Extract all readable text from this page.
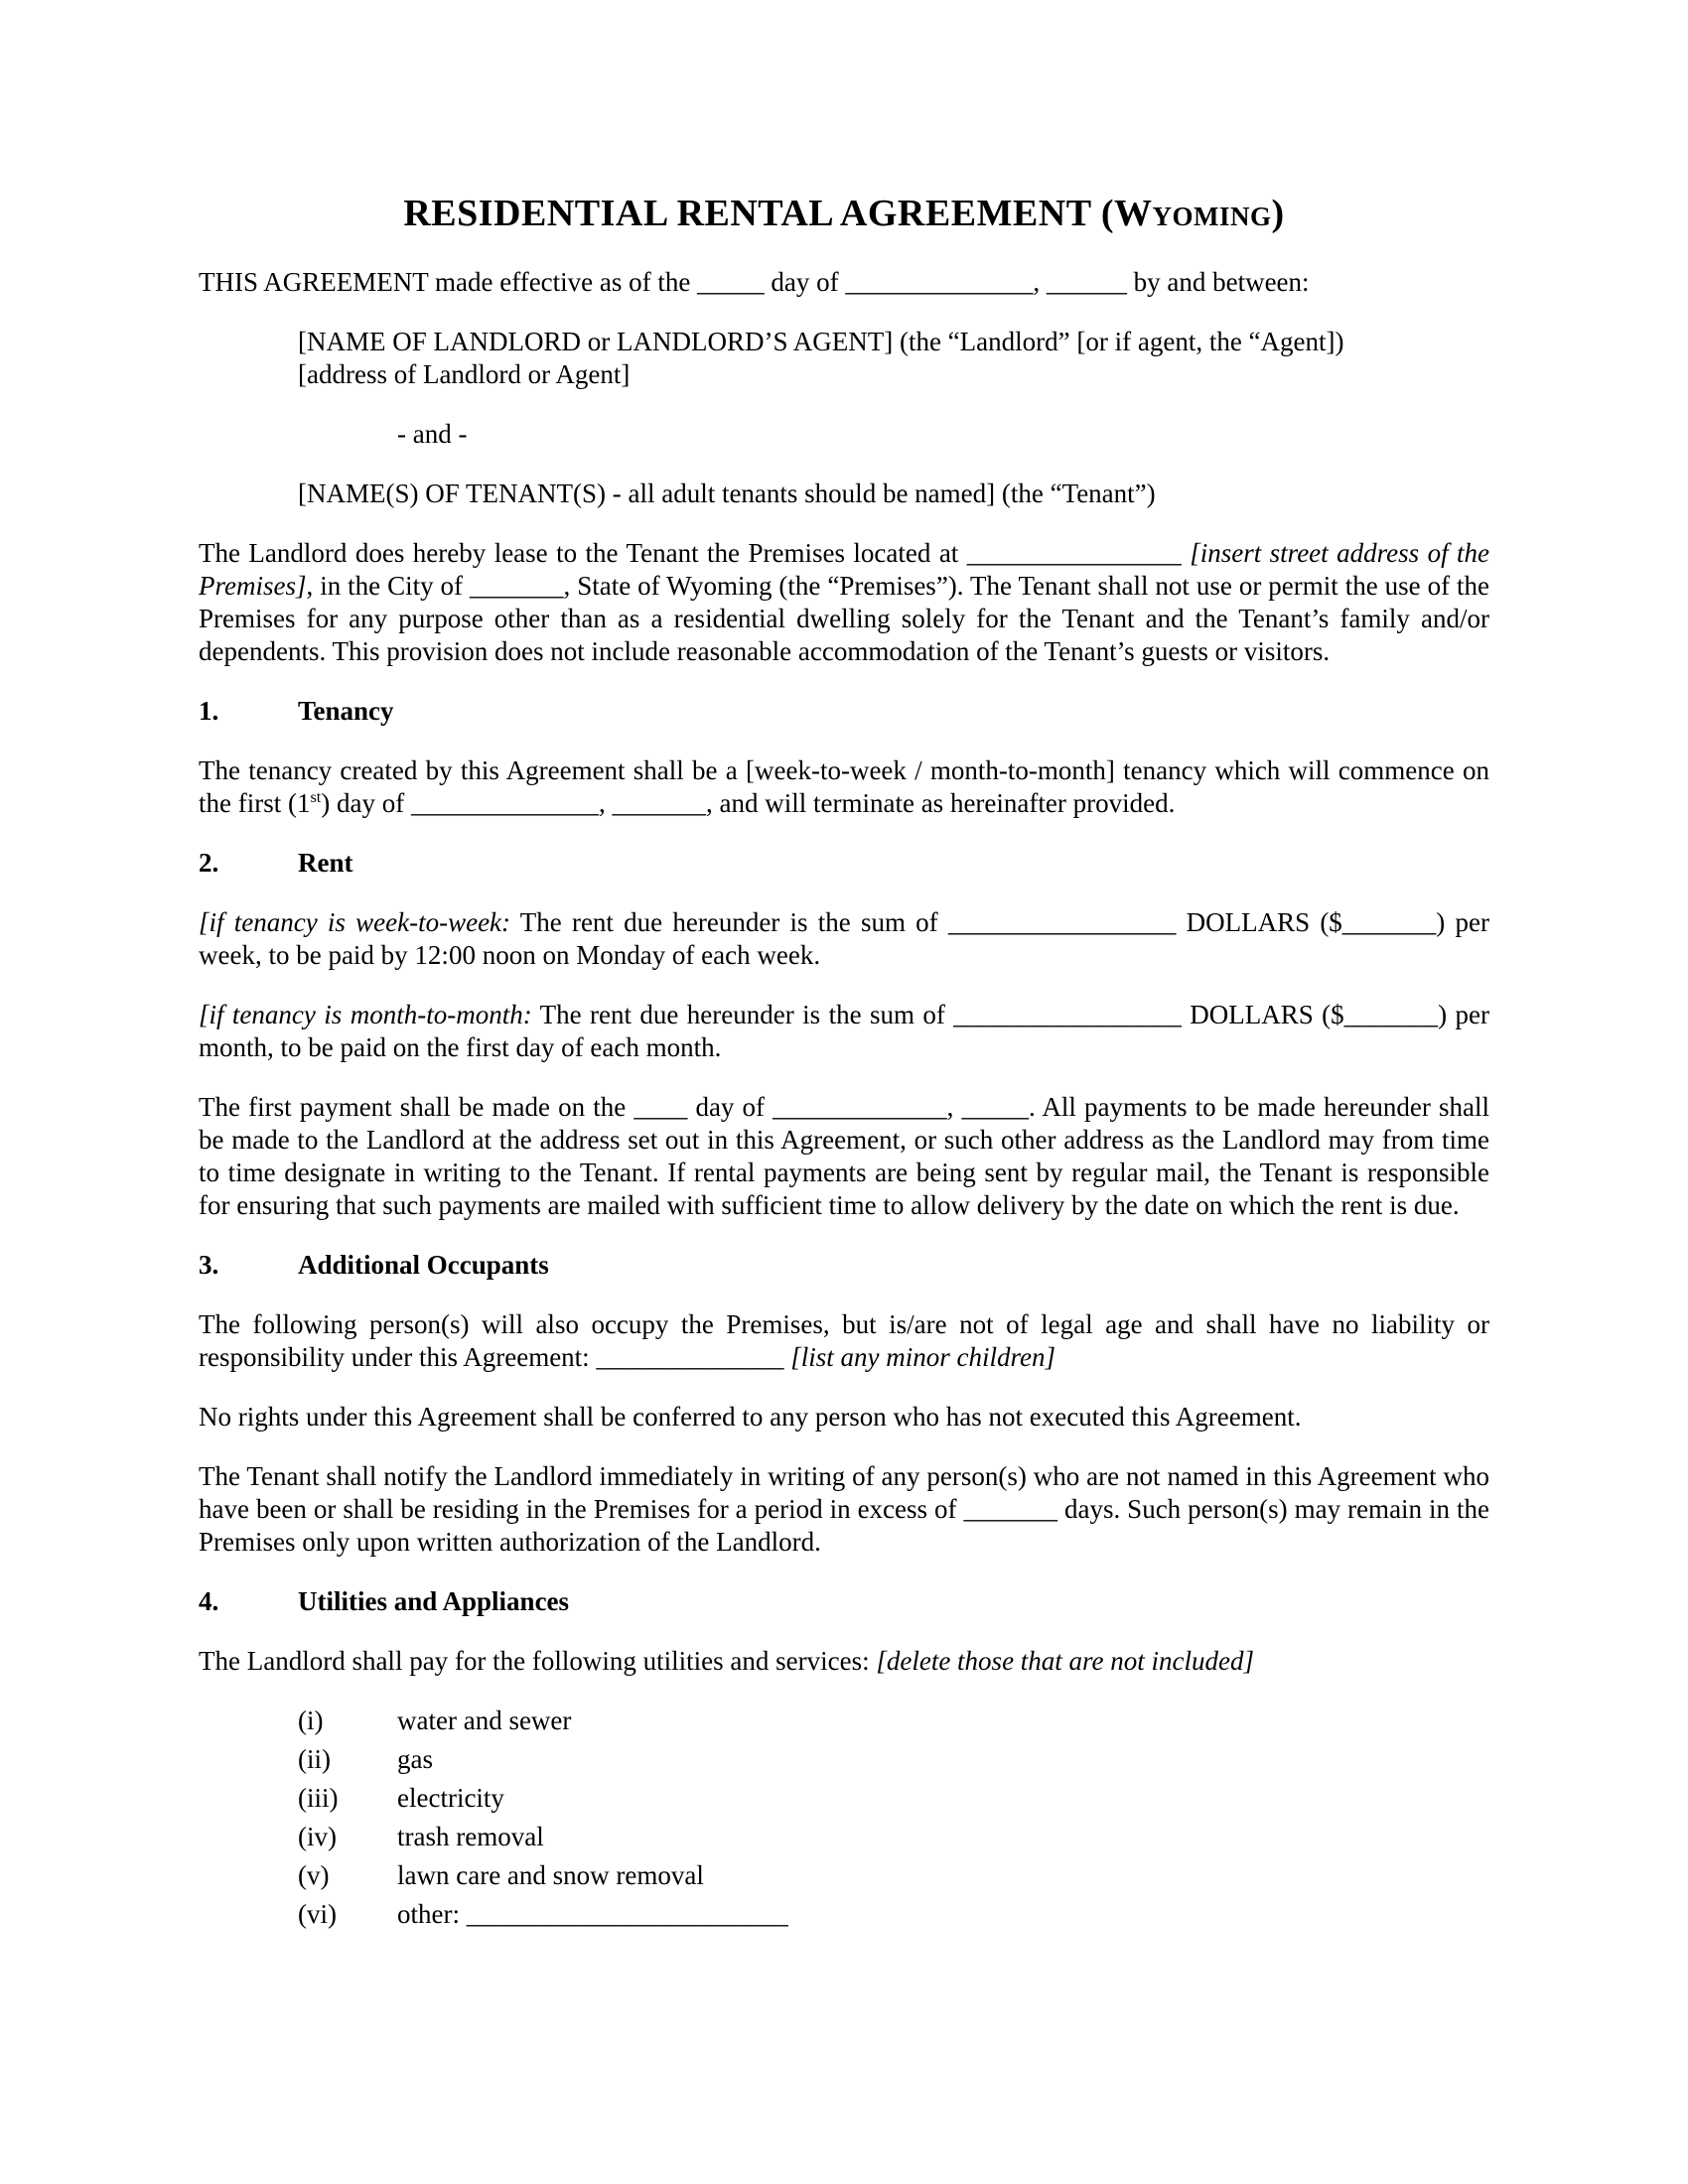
RESIDENTIAL RENTAL AGREEMENT (Wyoming)
THIS AGREEMENT made effective as of the _____ day of ______________, ______ by and between:
[NAME OF LANDLORD or LANDLORD’S AGENT] (the “Landlord” [or if agent, the “Agent])
[address of Landlord or Agent]
- and -
[NAME(S) OF TENANT(S) - all adult tenants should be named] (the “Tenant”)
The Landlord does hereby lease to the Tenant the Premises located at ________________ [insert street address of the Premises], in the City of _______, State of Wyoming (the “Premises”). The Tenant shall not use or permit the use of the Premises for any purpose other than as a residential dwelling solely for the Tenant and the Tenant’s family and/or dependents. This provision does not include reasonable accommodation of the Tenant’s guests or visitors.
1.	Tenancy
The tenancy created by this Agreement shall be a [week-to-week / month-to-month] tenancy which will commence on the first (1st) day of ______________, _______, and will terminate as hereinafter provided.
2.	Rent
[if tenancy is week-to-week: The rent due hereunder is the sum of _________________ DOLLARS ($_______) per week, to be paid by 12:00 noon on Monday of each week.
[if tenancy is month-to-month: The rent due hereunder is the sum of _________________ DOLLARS ($_______) per month, to be paid on the first day of each month.
The first payment shall be made on the ____ day of _____________, _____. All payments to be made hereunder shall be made to the Landlord at the address set out in this Agreement, or such other address as the Landlord may from time to time designate in writing to the Tenant. If rental payments are being sent by regular mail, the Tenant is responsible for ensuring that such payments are mailed with sufficient time to allow delivery by the date on which the rent is due.
3.	Additional Occupants
The following person(s) will also occupy the Premises, but is/are not of legal age and shall have no liability or responsibility under this Agreement: ______________ [list any minor children]
No rights under this Agreement shall be conferred to any person who has not executed this Agreement.
The Tenant shall notify the Landlord immediately in writing of any person(s) who are not named in this Agreement who have been or shall be residing in the Premises for a period in excess of _______ days. Such person(s) may remain in the Premises only upon written authorization of the Landlord.
4.	Utilities and Appliances
The Landlord shall pay for the following utilities and services: [delete those that are not included]
(i)	water and sewer
(ii)	gas
(iii)	electricity
(iv)	trash removal
(v)	lawn care and snow removal
(vi)	other: ________________________
